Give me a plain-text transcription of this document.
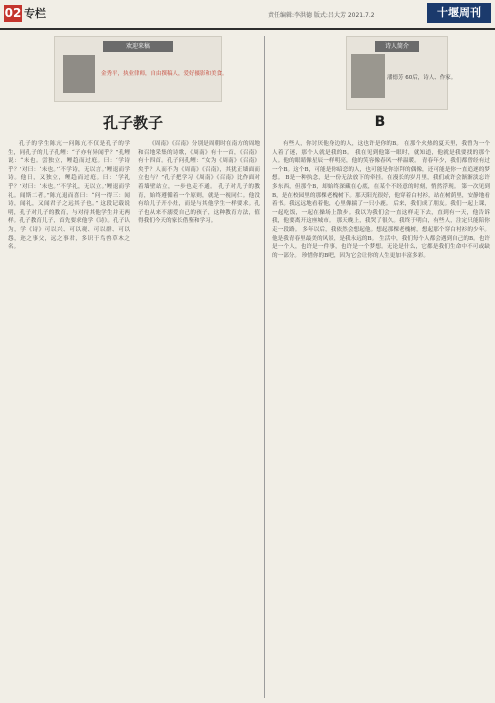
02 专栏	责任编辑:李洪德 版式:吕大芳 2021.7.2	十堰周刊
欢迎来稿
金秀平，执业律师，自由撰稿人，爱好摄影和美食。
孔子教子
孔子的学生陈亢一问陈亢不仅是孔子的学生，同孔子的儿子孔鲤：“子亦有异闻乎？”孔鲤说：“未也。尝独立，鲤趋而过庭。曰：‘学诗乎？’对曰：‘未也。’‘不学诗，无以言。’鲤退而学诗。他日，又独立，鲤趋而过庭。曰：‘学礼乎？’对曰：‘未也。’‘不学礼，无以立。’鲤退而学礼。闻斯二者。”陈亢退而喜曰：“问一得三：闻诗，闻礼，又闻君子之远其子也。” 这段记载说明，孔子对儿子的教育，与对待其他学生并无两样。孔子教育儿子，首先要求他学《诗》。孔子认为，学《诗》可以兴、可以观、可以群、可以怨，迩之事父，远之事君，多识于鸟兽草木之名。
《周南》《召南》分别是周朝时在南方的周地和召地采集的诗歌，《周南》有十一首，《召南》有十四首。孔子问孔鲤：“女为《周南》《召南》矣乎？人而不为《周南》《召南》，其犹正墙面而立也与？”孔子把学习《周南》《召南》比作面对着墙壁站立，一步也走不通。 孔子对儿子的教育，始终遵循着一个原则，就是一视同仁。他没有给儿子开小灶，而是与其他学生一样要求。孔子也从来不溺爱自己的孩子，这种教育方法，值得我们今天的家长借鉴和学习。
诗人简介
潘德芳 60后，诗人、作家。
B
有些人，你讨厌他身边的人，这也许是你的B。 在那个火热的夏天里，我曾为一个人着了迷，那个人就是我的B。 我在见到他第一眼时，就知道，他就是我要找的那个人。他的眼睛像星辰一样明亮，他的笑容像春风一样温暖。 青春年少，我们都曾经有过一个B。这个B，可能是你暗恋的人，也可能是你崇拜的偶像，还可能是你一直追逐的梦想。 B是一种执念，是一份无法放下的牵挂。在漫长的岁月里，我们或许会渐渐淡忘许多东西，但那个B，却始终深藏在心底，在某个不经意的时刻，悄然浮现。 第一次见到B，是在校园里的那棵老槐树下。那天阳光很好，他穿着白衬衫，站在树荫里，安静地看着书。我远远地看着他，心里像揣了一只小鹿。 后来，我们成了朋友。我们一起上课，一起吃饭，一起在操场上散步。我以为我们会一直这样走下去，直到有一天，他告诉我，他要离开这座城市。 那天晚上，我哭了很久。我终于明白，有些人，注定只能陪你走一段路。 多年以后，我依然会想起他。想起那棵老槐树，想起那个穿白衬衫的少年。他是我青春里最美的风景，是我永远的B。 生活中，我们每个人都会遇到自己的B。也许是一个人，也许是一件事，也许是一个梦想。无论是什么，它都是我们生命中不可或缺的一部分。 珍惜你的B吧，因为它会让你的人生更加丰富多彩。
